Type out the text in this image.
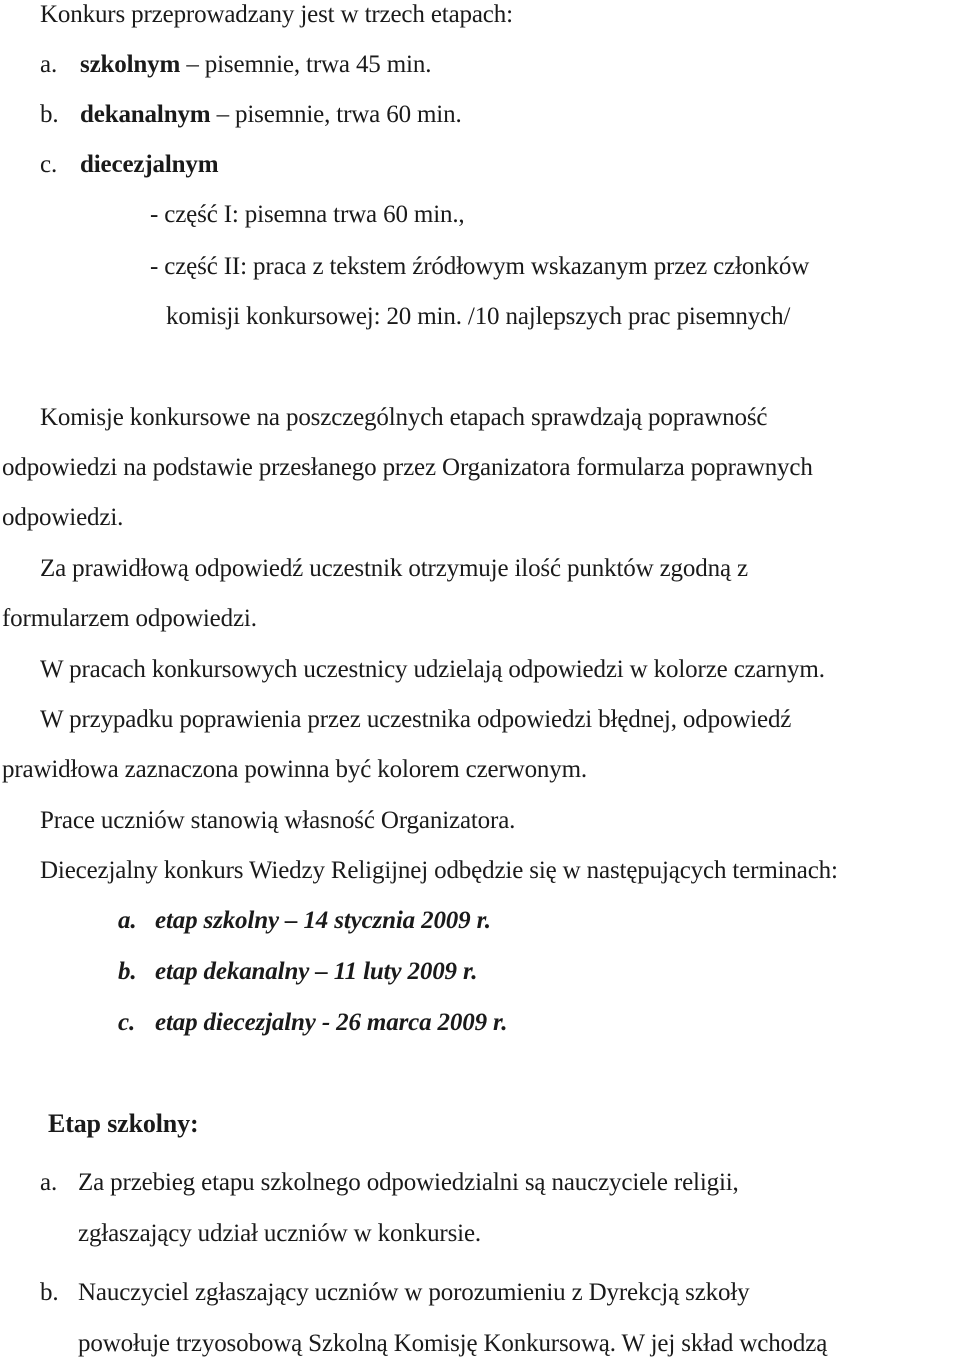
Konkurs przeprowadzany jest w trzech etapach:
a. szkolnym – pisemnie, trwa 45 min.
b. dekanalnym – pisemnie, trwa 60 min.
c. diecezjalnym
- część I: pisemna trwa 60 min.,
- część II: praca z tekstem źródłowym wskazanym przez członków
komisji konkursowej: 20 min. /10 najlepszych prac pisemnych/
Komisje konkursowe na poszczególnych etapach sprawdzają poprawność
odpowiedzi na podstawie przesłanego przez Organizatora formularza poprawnych
odpowiedzi.
Za prawidłową odpowiedź uczestnik otrzymuje ilość punktów zgodną z
formularzem odpowiedzi.
W pracach konkursowych uczestnicy udzielają odpowiedzi w kolorze czarnym.
W przypadku poprawienia przez uczestnika odpowiedzi błędnej, odpowiedź
prawidłowa zaznaczona powinna być kolorem czerwonym.
Prace uczniów stanowią własność Organizatora.
Diecezjalny konkurs Wiedzy Religijnej odbędzie się w następujących terminach:
a. etap szkolny – 14 stycznia 2009 r.
b. etap dekanalny – 11 luty 2009 r.
c. etap diecezjalny - 26 marca 2009 r.
Etap szkolny:
a. Za przebieg etapu szkolnego odpowiedzialni są nauczyciele religii,
zgłaszający udział uczniów w konkursie.
b. Nauczyciel zgłaszający uczniów w porozumieniu z Dyrekcją szkoły
powołuje trzyosobową Szkolną Komisję Konkursową. W jej skład wchodzą
